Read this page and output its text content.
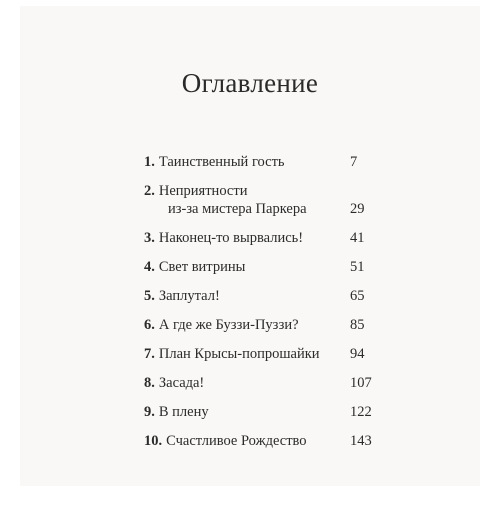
Оглавление
1. Таинственный гость	7
2. Неприятности
из-за мистера Паркера	29
3. Наконец-то вырвались!	41
4. Свет витрины	51
5. Заплутал!	65
6. А где же Буззи-Пуззи?	85
7. План Крысы-попрошайки 94
8. Засада!	107
9. В плену	122
10. Счастливое Рождество	143
